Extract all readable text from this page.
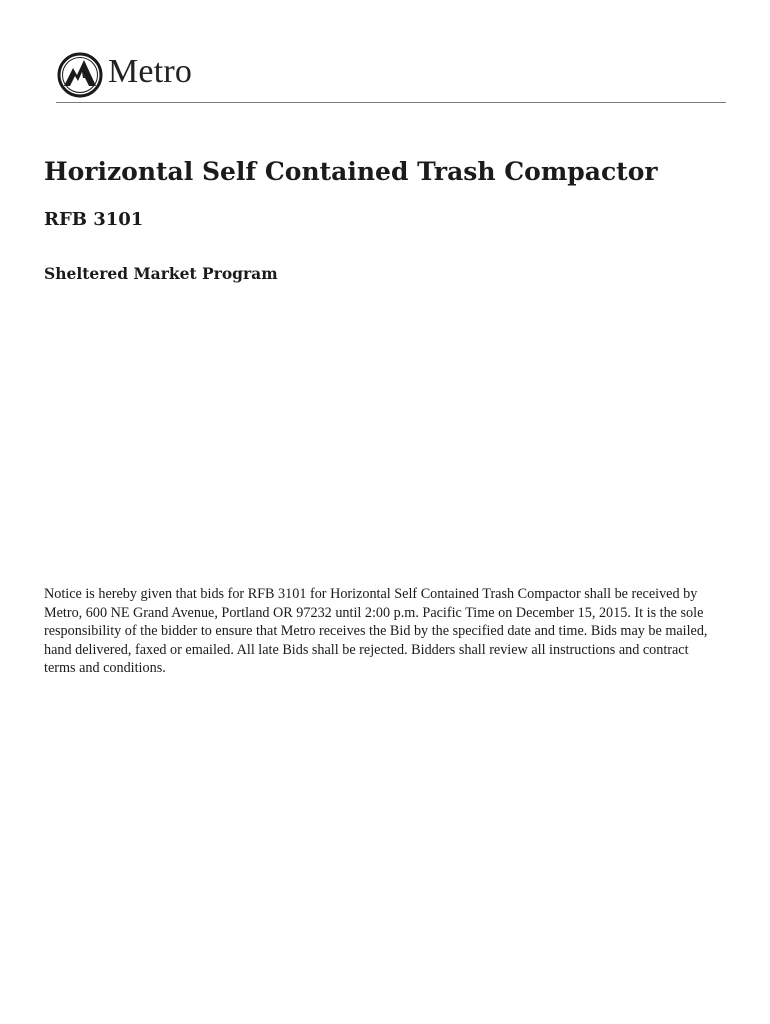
Metro
Horizontal Self Contained Trash Compactor
RFB 3101
Sheltered Market Program

Notice is hereby given that bids for RFB 3101 for Horizontal Self Contained Trash Compactor shall be received by Metro, 600 NE Grand Avenue, Portland OR 97232 until 2:00 p.m. Pacific Time on December 15, 2015. It is the sole responsibility of the bidder to ensure that Metro receives the Bid by the specified date and time. Bids may be mailed, hand delivered, faxed or emailed. All late Bids shall be rejected. Bidders shall review all instructions and contract terms and conditions.
